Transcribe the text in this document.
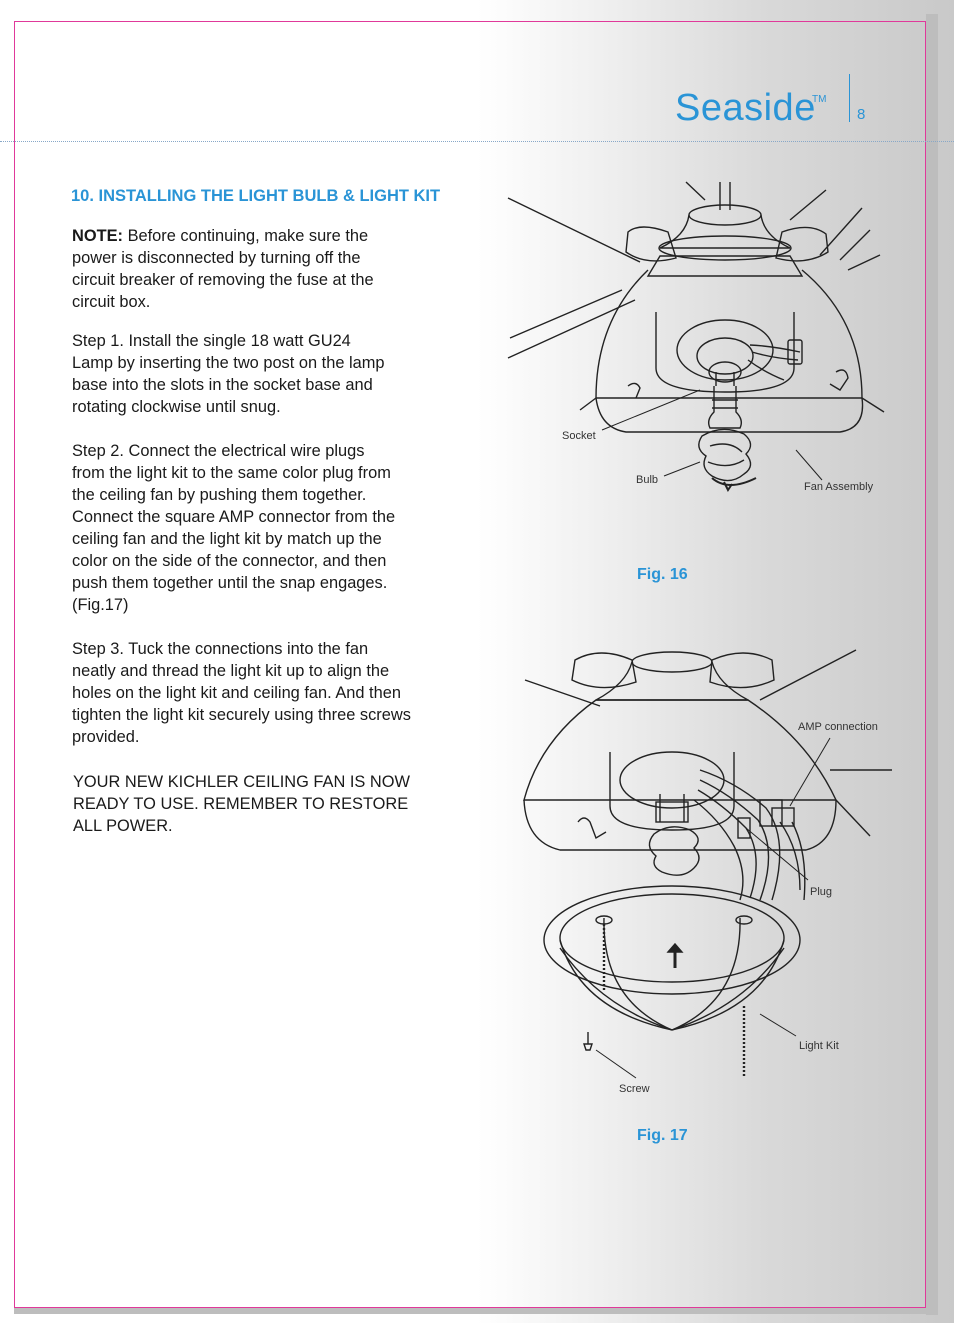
Seaside
TM
8
10. INSTALLING THE LIGHT BULB & LIGHT KIT
NOTE: Before continuing, make sure the
power is disconnected by turning off the
circuit breaker of removing the fuse at the
circuit box.
Step 1. Install the single 18 watt GU24
Lamp by inserting the two post on the lamp
base into the slots in the socket base and
rotating clockwise until snug.
Step 2. Connect the electrical wire plugs
from the light kit to the same color plug from
the ceiling fan by pushing them together.
Connect the square AMP connector from the
ceiling fan and the light kit by match up the
color on the side of the connector, and then
push them together until the snap engages.
(Fig.17)
Step 3. Tuck the connections into the fan
neatly and thread the light kit up to align the
holes on the light kit and ceiling fan. And then
tighten the light kit securely using three screws
provided.
YOUR NEW KICHLER CEILING FAN IS NOW
READY TO USE. REMEMBER TO RESTORE
ALL POWER.
Socket
Bulb
Fan Assembly
AMP connection
Plug
Light Kit
Screw
Fig. 16
Fig. 17
